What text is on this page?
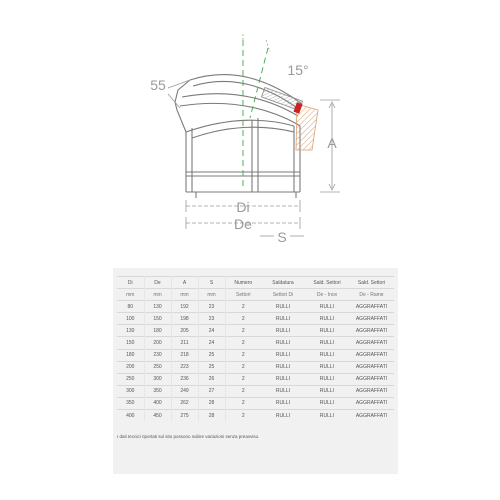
55
15°
A
Di
De
S
Di	De	A	S	Numero	Saldatura	Sald. Settori	Sald. Settori
mm	mm	mm	mm	Settori	Settori Di	De - Inox	De - Rame
80	130	192	23	2	RULLI	RULLI	AGGRAFFATI
100	150	198	23	2	RULLI	RULLI	AGGRAFFATI
130	180	205	24	2	RULLI	RULLI	AGGRAFFATI
150	200	211	24	2	RULLI	RULLI	AGGRAFFATI
180	230	218	25	2	RULLI	RULLI	AGGRAFFATI
200	250	223	25	2	RULLI	RULLI	AGGRAFFATI
250	300	236	26	2	RULLI	RULLI	AGGRAFFATI
300	350	249	27	2	RULLI	RULLI	AGGRAFFATI
350	400	262	28	2	RULLI	RULLI	AGGRAFFATI
400	450	275	28	2	RULLI	RULLI	AGGRAFFATI
I dati tecnici riportati sul sito possono subire variazioni senza preavviso.
